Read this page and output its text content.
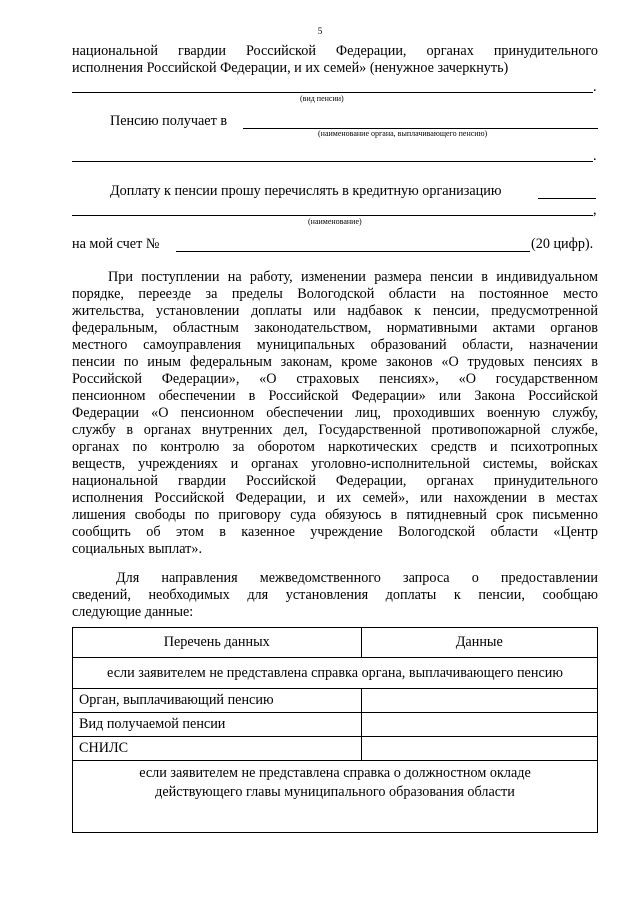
5
национальной гвардии Российской Федерации, органах принудительного
исполнения Российской Федерации, и их семей» (ненужное зачеркнуть)
.
(вид пенсии)
Пенсию получает в
(наименование органа, выплачивающего пенсию)
.
Доплату к пенсии прошу перечислять в кредитную организацию
,
(наименование)
на мой счет №	(20 цифр).
При поступлении на работу, изменении размера пенсии в индивидуальном
порядке, переезде за пределы Вологодской области на постоянное место
жительства, установлении доплаты или надбавок к пенсии, предусмотренной
федеральным, областным законодательством, нормативными актами органов
местного самоуправления муниципальных образований области, назначении
пенсии по иным федеральным законам, кроме законов «О трудовых пенсиях в
Российской Федерации», «О страховых пенсиях», «О государственном
пенсионном обеспечении в Российской Федерации» или Закона Российской
Федерации «О пенсионном обеспечении лиц, проходивших военную службу,
службу в органах внутренних дел, Государственной противопожарной службе,
органах по контролю за оборотом наркотических средств и психотропных
веществ, учреждениях и органах уголовно-исполнительной системы, войсках
национальной гвардии Российской Федерации, органах принудительного
исполнения Российской Федерации, и их семей», или нахождении в местах
лишения свободы по приговору суда обязуюсь в пятидневный срок письменно
сообщить об этом в казенное учреждение Вологодской области «Центр
социальных выплат».
Для направления межведомственного запроса о предоставлении
сведений, необходимых для установления доплаты к пенсии, сообщаю
следующие данные:
Перечень данных	Данные
если заявителем не представлена справка органа, выплачивающего пенсию	
Орган, выплачивающий пенсию	
Вид получаемой пенсии	
СНИЛС	

если заявителем не представлена справка о должностном окладе
действующего главы муниципального образования области	
